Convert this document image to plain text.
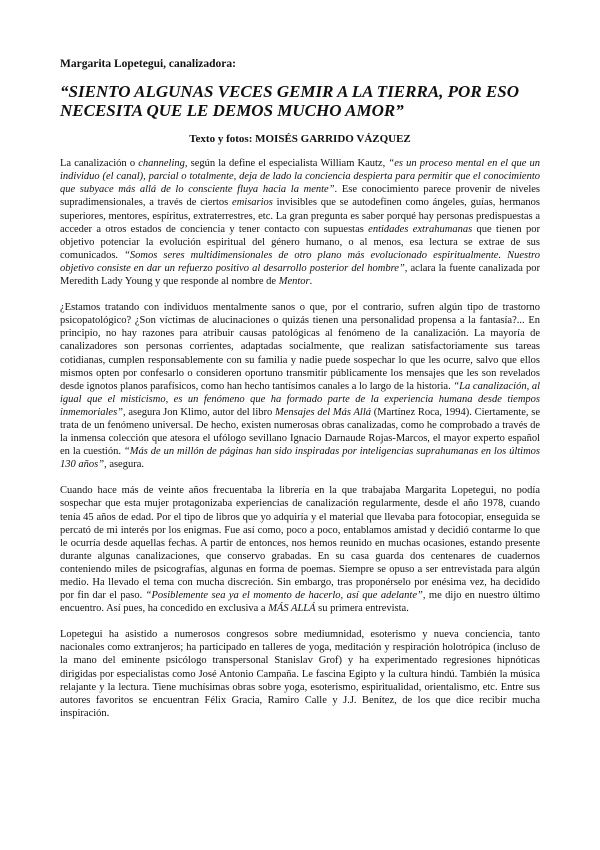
Margarita Lopetegui, canalizadora:
“SIENTO ALGUNAS VECES GEMIR A LA TIERRA, POR ESO NECESITA QUE LE DEMOS MUCHO AMOR”
Texto y fotos: MOISÉS GARRIDO VÁZQUEZ

La canalización o channeling, según la define el especialista William Kautz, “es un proceso mental en el que un individuo (el canal), parcial o totalmente, deja de lado la conciencia despierta para permitir que el conocimiento que subyace más allá de lo consciente fluya hacia la mente”. Ese conocimiento parece provenir de niveles supradimensionales, a través de ciertos emisarios invisibles que se autodefinen como ángeles, guías, hermanos superiores, mentores, espíritus, extraterrestres, etc. La gran pregunta es saber porqué hay personas predispuestas a acceder a otros estados de conciencia y tener contacto con supuestas entidades extrahumanas que tienen por objetivo potenciar la evolución espiritual del género humano, o al menos, esa lectura se extrae de sus comunicados. “Somos seres multidimensionales de otro plano más evolucionado espiritualmente. Nuestro objetivo consiste en dar un refuerzo positivo al desarrollo posterior del hombre”, aclara la fuente canalizada por Meredith Lady Young y que responde al nombre de Mentor.

¿Estamos tratando con individuos mentalmente sanos o que, por el contrario, sufren algún tipo de trastorno psicopatológico? ¿Son víctimas de alucinaciones o quizás tienen una personalidad propensa a la fantasía?... En principio, no hay razones para atribuir causas patológicas al fenómeno de la canalización. La mayoría de canalizadores son personas corrientes, adaptadas socialmente, que realizan satisfactoriamente sus tareas cotidianas, cumplen responsablemente con su familia y nadie puede sospechar lo que les ocurre, salvo que ellos mismos opten por confesarlo o consideren oportuno transmitir públicamente los mensajes que les son revelados desde ignotos planos parafísicos, como han hecho tantísimos canales a lo largo de la historia. “La canalización, al igual que el misticismo, es un fenómeno que ha formado parte de la experiencia humana desde tiempos inmemoriales”, asegura Jon Klimo, autor del libro Mensajes del Más Allá (Martínez Roca, 1994). Ciertamente, se trata de un fenómeno universal. De hecho, existen numerosas obras canalizadas, como he comprobado a través de la inmensa colección que atesora el ufólogo sevillano Ignacio Darnaude Rojas-Marcos, el mayor experto español en la cuestión. “Más de un millón de páginas han sido inspiradas por inteligencias suprahumanas en los últimos 130 años”, asegura.

Cuando hace más de veinte años frecuentaba la librería en la que trabajaba Margarita Lopetegui, no podía sospechar que esta mujer protagonizaba experiencias de canalización regularmente, desde el año 1978, cuando tenía 45 años de edad. Por el tipo de libros que yo adquiría y el material que llevaba para fotocopiar, enseguida se percató de mi interés por los enigmas. Fue así como, poco a poco, entablamos amistad y decidió contarme lo que le ocurría desde aquellas fechas. A partir de entonces, nos hemos reunido en muchas ocasiones, estando presente durante algunas canalizaciones, que conservo grabadas. En su casa guarda dos centenares de cuadernos conteniendo miles de psicografías, algunas en forma de poemas. Siempre se opuso a ser entrevistada para algún medio. Ha llevado el tema con mucha discreción. Sin embargo, tras proponérselo por enésima vez, ha decidido por fin dar el paso. “Posiblemente sea ya el momento de hacerlo, así que adelante”, me dijo en nuestro último encuentro. Así pues, ha concedido en exclusiva a MÁS ALLÁ su primera entrevista.

Lopetegui ha asistido a numerosos congresos sobre mediumnidad, esoterismo y nueva conciencia, tanto nacionales como extranjeros; ha participado en talleres de yoga, meditación y respiración holotrópica (incluso de la mano del eminente psicólogo transpersonal Stanislav Grof) y ha experimentado regresiones hipnóticas dirigidas por especialistas como José Antonio Campaña. Le fascina Egipto y la cultura hindú. También la música relajante y la lectura. Tiene muchísimas obras sobre yoga, esoterismo, espiritualidad, orientalismo, etc. Entre sus autores favoritos se encuentran Félix Gracia, Ramiro Calle y J.J. Benítez, de los que dice recibir mucha inspiración.
